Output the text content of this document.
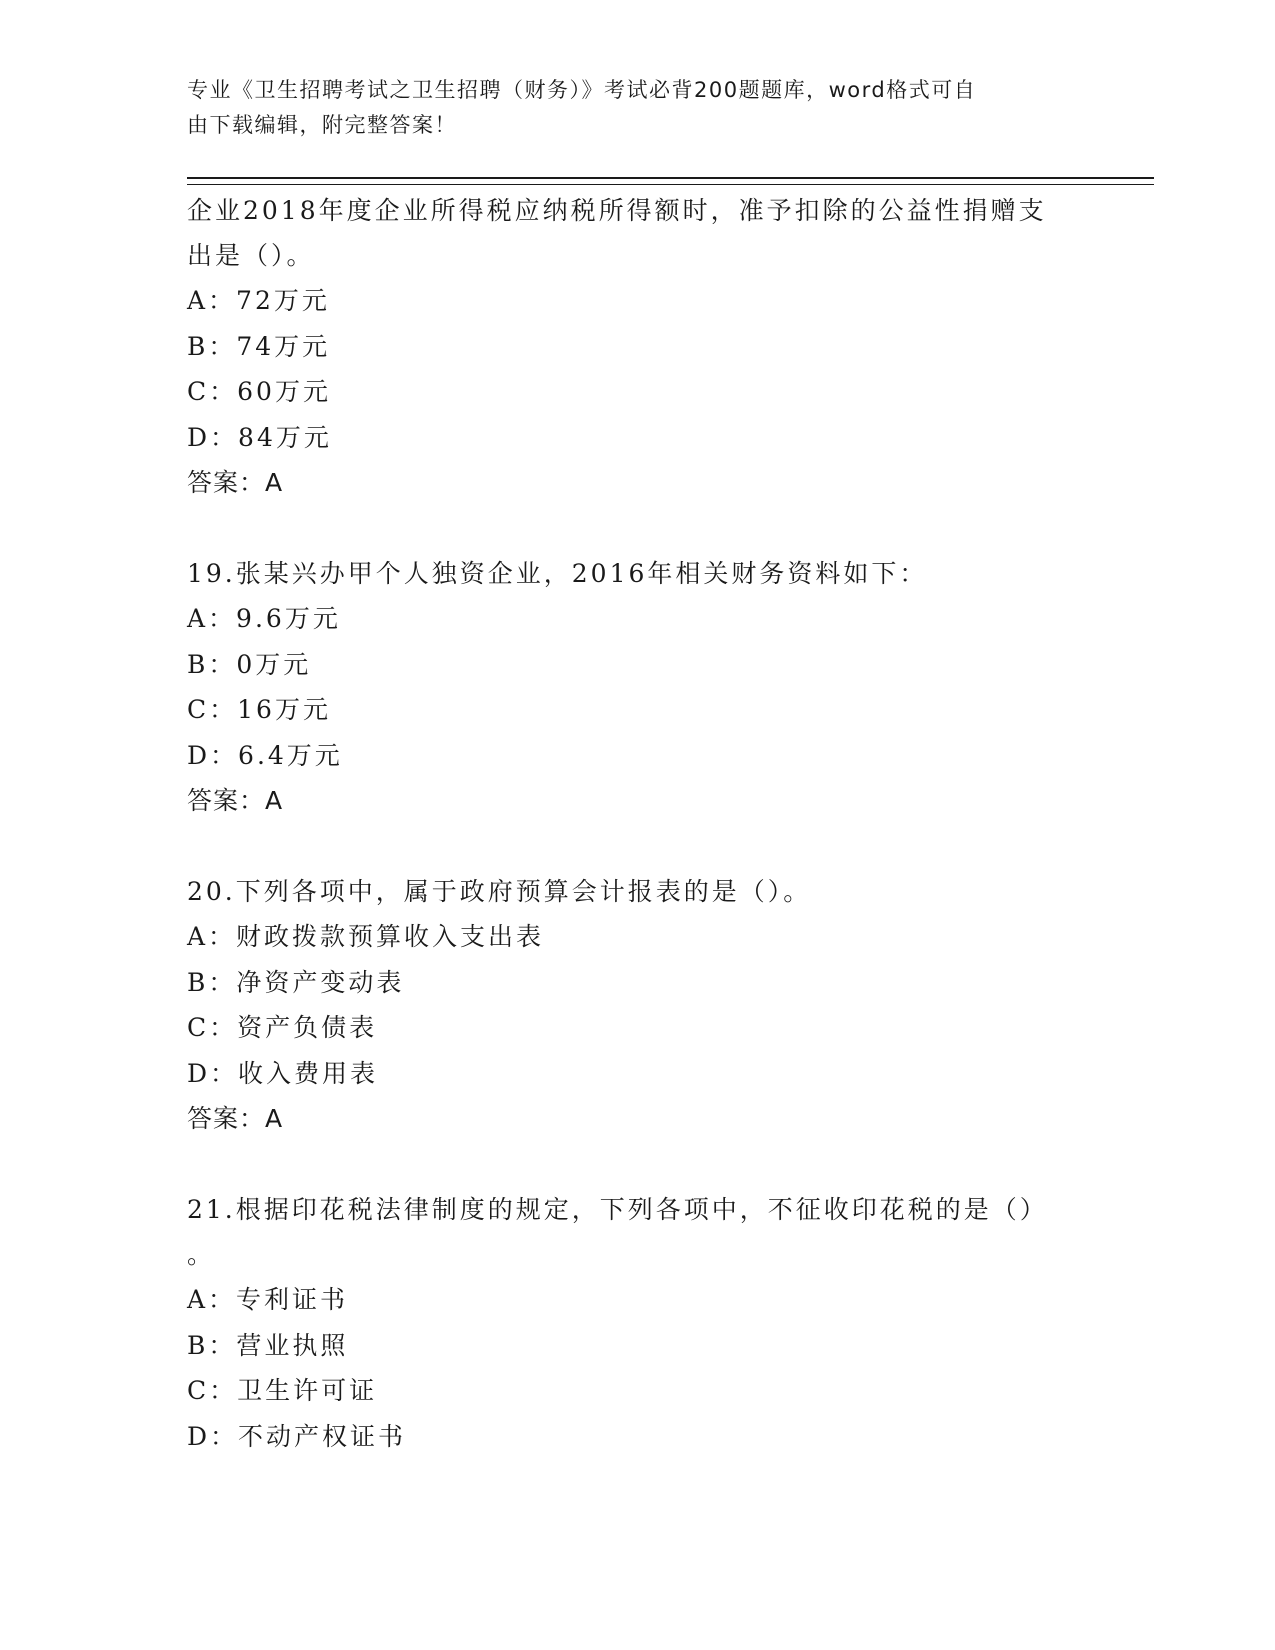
专业《卫生招聘考试之卫生招聘（财务）》考试必背200题题库，word格式可自
由下载编辑，附完整答案！
企业2018年度企业所得税应纳税所得额时，准予扣除的公益性捐赠支
出是（）。
A：72万元
B：74万元
C：60万元
D：84万元
答案：A
19.张某兴办甲个人独资企业，2016年相关财务资料如下：
A：9.6万元
B：0万元
C：16万元
D：6.4万元
答案：A
20.下列各项中，属于政府预算会计报表的是（）。
A：财政拨款预算收入支出表
B：净资产变动表
C：资产负债表
D：收入费用表
答案：A
21.根据印花税法律制度的规定，下列各项中，不征收印花税的是（）
。
A：专利证书
B：营业执照
C：卫生许可证
D：不动产权证书
